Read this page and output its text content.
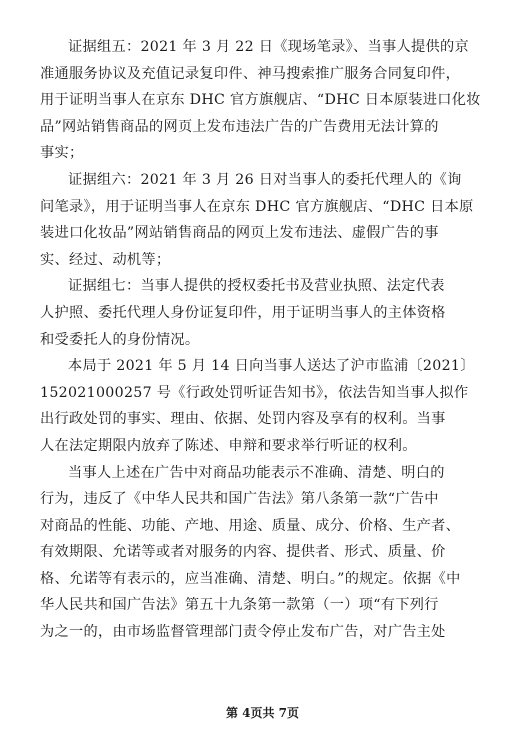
证据组五：2021 年 3 月 22 日《现场笔录》、当事人提供的京
准通服务协议及充值记录复印件、神马搜索推广服务合同复印件，
用于证明当事人在京东 DHC 官方旗舰店、“DHC 日本原装进口化妆
品”网站销售商品的网页上发布违法广告的广告费用无法计算的
事实；

证据组六：2021 年 3 月 26 日对当事人的委托代理人的《询
问笔录》，用于证明当事人在京东 DHC 官方旗舰店、“DHC 日本原
装进口化妆品”网站销售商品的网页上发布违法、虚假广告的事
实、经过、动机等；

证据组七：当事人提供的授权委托书及营业执照、法定代表
人护照、委托代理人身份证复印件，用于证明当事人的主体资格
和受委托人的身份情况。

本局于 2021 年 5 月 14 日向当事人送达了沪市监浦〔2021〕
152021000257 号《行政处罚听证告知书》，依法告知当事人拟作
出行政处罚的事实、理由、依据、处罚内容及享有的权利。当事
人在法定期限内放弃了陈述、申辩和要求举行听证的权利。

当事人上述在广告中对商品功能表示不准确、清楚、明白的
行为，违反了《中华人民共和国广告法》第八条第一款“广告中
对商品的性能、功能、产地、用途、质量、成分、价格、生产者、
有效期限、允诺等或者对服务的内容、提供者、形式、质量、价
格、允诺等有表示的，应当准确、清楚、明白。”的规定。依据《中
华人民共和国广告法》第五十九条第一款第（一）项“有下列行
为之一的，由市场监督管理部门责令停止发布广告，对广告主处

第 4页共 7页
